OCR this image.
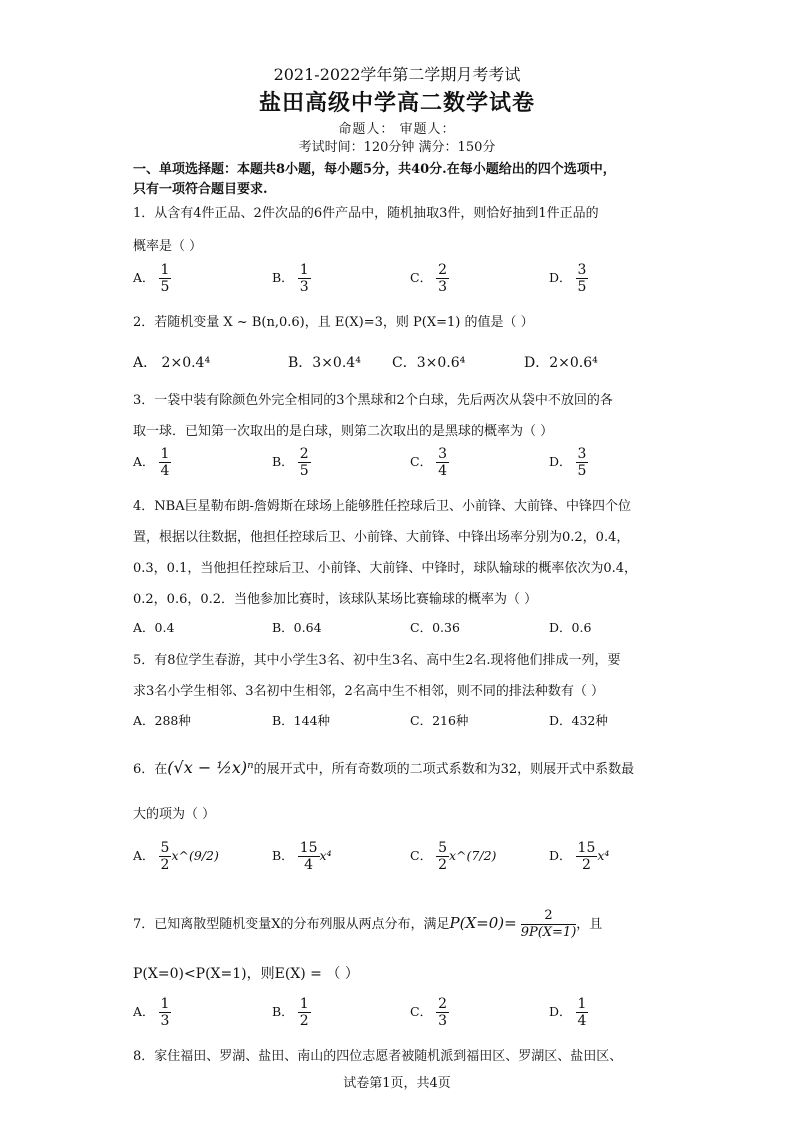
2021-2022学年第二学期月考考试
盐田高级中学高二数学试卷
命题人： 审题人：
考试时间：120分钟 满分：150分
一、单项选择题：本题共8小题，每小题5分，共40分.在每小题给出的四个选项中，
只有一项符合题目要求.
1．从含有4件正品、2件次品的6件产品中，随机抽取3件，则恰好抽到1件正品的
概率是（ ）
A． $\frac{1}{5}$	B． $\frac{1}{3}$	C． $\frac{2}{3}$	D． $\frac{3}{5}$
2．若随机变量 X ~ B(n,0.6)，且 E(X)=3，则 P(X=1) 的值是（ ）
A． 2×0.4⁴	B．3×0.4⁴ C．3×0.6⁴	D．2×0.6⁴
3．一袋中装有除颜色外完全相同的3个黑球和2个白球，先后两次从袋中不放回的各
取一球．已知第一次取出的是白球，则第二次取出的是黑球的概率为（ ）
A． $\frac{1}{4}$	B． $\frac{2}{5}$	C． $\frac{3}{4}$	D． $\frac{3}{5}$
4．NBA巨星勒布朗-詹姆斯在球场上能够胜任控球后卫、小前锋、大前锋、中锋四个位
置，根据以往数据，他担任控球后卫、小前锋、大前锋、中锋出场率分别为0.2，0.4，
0.3，0.1，当他担任控球后卫、小前锋、大前锋、中锋时，球队输球的概率依次为0.4，
0.2，0.6，0.2．当他参加比赛时，该球队某场比赛输球的概率为（ ）
A．0.4	B．0.64	C．0.36	D．0.6
5．有8位学生春游，其中小学生3名、初中生3名、高中生2名.现将他们排成一列，要
求3名小学生相邻、3名初中生相邻，2名高中生不相邻，则不同的排法种数有（ ）
A．288种	B．144种	C．216种	D．432种
6．在(√x − ½x)ⁿ的展开式中，所有奇数项的二项式系数和为32，则展开式中系数最
大的项为（ ）
A． $\frac{5}{2}$ x^(9/2)	B． $\frac{15}{4} x^4$	C． $\frac{5}{2}$ x^(7/2)	D． $\frac{15}{2} x^4$
7．已知离散型随机变量X的分布列服从两点分布，满足$P(X=0)= \frac{2}{9P(X=1)}$ ，且
P(X=0)<P(X=1)，则E(X) = （ ）
A． $\frac{1}{3}$	B． $\frac{1}{2}$	C． $\frac{2}{3}$	D． $\frac{1}{4}$
8．家住福田、罗湖、盐田、南山的四位志愿者被随机派到福田区、罗湖区、盐田区、
试卷第1页，共4页
